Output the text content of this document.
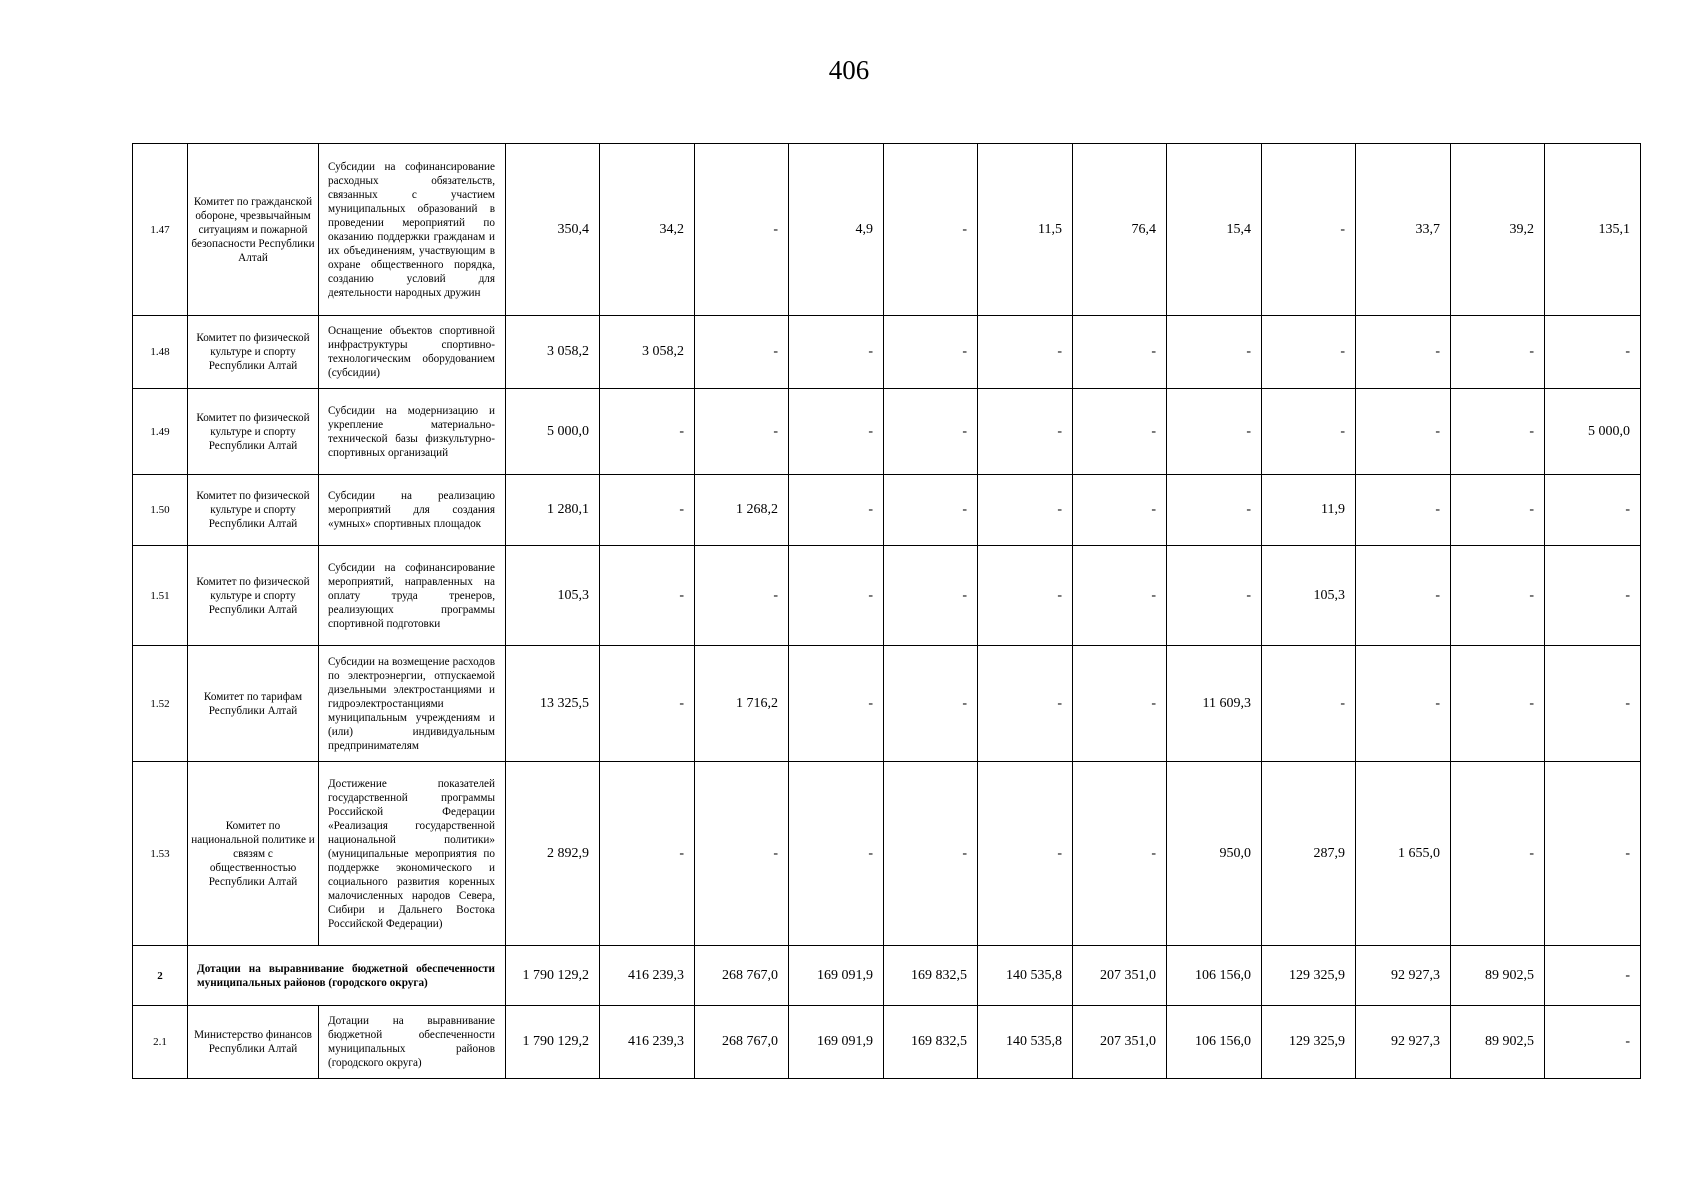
406
1.47	Комитет по гражданской обороне, чрезвычайным ситуациям и пожарной безопасности Республики Алтай	Субсидии на софинансирование расходных обязательств, связанных с участием муниципальных образований в проведении мероприятий по оказанию поддержки гражданам и их объединениям, участвующим в охране общественного порядка, созданию условий для деятельности народных дружин	350,4	34,2	-	4,9	-	11,5	76,4	15,4	-	33,7	39,2	135,1
1.48	Комитет по физической культуре и спорту Республики Алтай	Оснащение объектов спортивной инфраструктуры спортивно-технологическим оборудованием (субсидии)	3 058,2	3 058,2	-	-	-	-	-	-	-	-	-	-
1.49	Комитет по физической культуре и спорту Республики Алтай	Субсидии на модернизацию и укрепление материально-технической базы физкультурно-спортивных организаций	5 000,0	-	-	-	-	-	-	-	-	-	-	5 000,0
1.50	Комитет по физической культуре и спорту Республики Алтай	Субсидии на реализацию мероприятий для создания «умных» спортивных площадок	1 280,1	-	1 268,2	-	-	-	-	-	11,9	-	-	-
1.51	Комитет по физической культуре и спорту Республики Алтай	Субсидии на софинансирование мероприятий, направленных на оплату труда тренеров, реализующих программы спортивной подготовки	105,3	-	-	-	-	-	-	-	105,3	-	-	-
1.52	Комитет по тарифам Республики Алтай	Субсидии на возмещение расходов по электроэнергии, отпускаемой дизельными электростанциями и гидроэлектростанциями муниципальным учреждениям и (или) индивидуальным предпринимателям	13 325,5	-	1 716,2	-	-	-	-	11 609,3	-	-	-	-
1.53	Комитет по национальной политике и связям с общественностью Республики Алтай	Достижение показателей государственной программы Российской Федерации «Реализация государственной национальной политики» (муниципальные мероприятия по поддержке экономического и социального развития коренных малочисленных народов Севера, Сибири и Дальнего Востока Российской Федерации)	2 892,9	-	-	-	-	-	-	950,0	287,9	1 655,0	-	-
2	Дотации на выравнивание бюджетной обеспеченности муниципальных районов (городского округа)		1 790 129,2	416 239,3	268 767,0	169 091,9	169 832,5	140 535,8	207 351,0	106 156,0	129 325,9	92 927,3	89 902,5	-
2.1	Министерство финансов Республики Алтай	Дотации на выравнивание бюджетной обеспеченности муниципальных районов (городского округа)	1 790 129,2	416 239,3	268 767,0	169 091,9	169 832,5	140 535,8	207 351,0	106 156,0	129 325,9	92 927,3	89 902,5	-
